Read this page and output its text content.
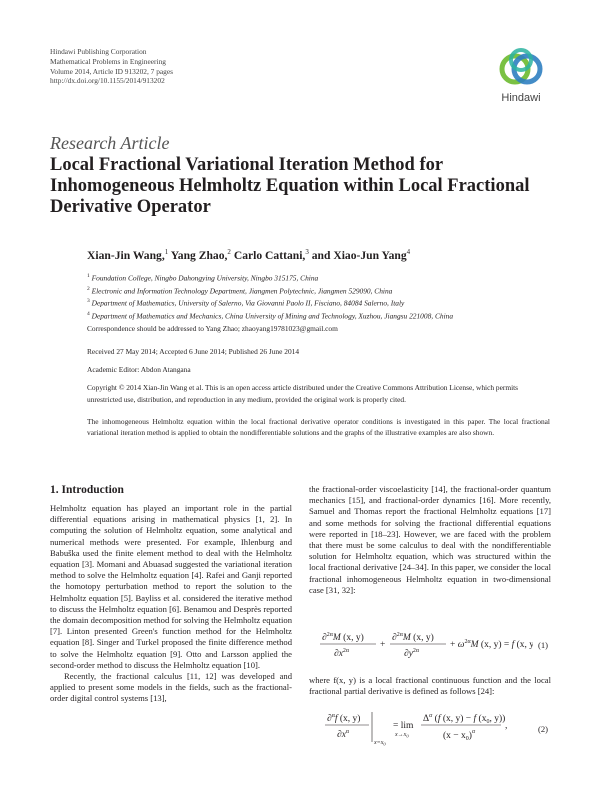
Hindawi Publishing Corporation
Mathematical Problems in Engineering
Volume 2014, Article ID 913202, 7 pages
http://dx.doi.org/10.1155/2014/913202
Hindawi
Research Article
Local Fractional Variational Iteration Method for Inhomogeneous Helmholtz Equation within Local Fractional Derivative Operator
Xian-Jin Wang,$^1$ Yang Zhao,$^2$ Carlo Cattani,$^3$ and Xiao-Jun Yang$^4$
$^1$ Foundation College, Ningbo Dahongying University, Ningbo 315175, China
$^2$ Electronic and Information Technology Department, Jiangmen Polytechnic, Jiangmen 529090, China
$^3$ Department of Mathematics, University of Salerno, Via Giovanni Paolo II, Fisciano, 84084 Salerno, Italy
$^4$ Department of Mathematics and Mechanics, China University of Mining and Technology, Xuzhou, Jiangsu 221008, China
Correspondence should be addressed to Yang Zhao; zhaoyang19781023@gmail.com
Received 27 May 2014; Accepted 6 June 2014; Published 26 June 2014
Academic Editor: Abdon Atangana
Copyright © 2014 Xian-Jin Wang et al. This is an open access article distributed under the Creative Commons Attribution License, which permits unrestricted use, distribution, and reproduction in any medium, provided the original work is properly cited.
The inhomogeneous Helmholtz equation within the local fractional derivative operator conditions is investigated in this paper. The local fractional variational iteration method is applied to obtain the nondifferentiable solutions and the graphs of the illustrative examples are also shown.
1. Introduction

Helmholtz equation has played an important role in the partial differential equations arising in mathematical physics [1, 2]. In computing the solution of Helmholtz equation, some analytical and numerical methods were presented. For example, Ihlenburg and Babuška used the finite element method to deal with the Helmholtz equation [3]. Momani and Abuasad suggested the variational iteration method to solve the Helmholtz equation [4]. Rafei and Ganji reported the homotopy perturbation method to report the solution to the Helmholtz equation [5]. Bayliss et al. considered the iterative method to discuss the Helmholtz equation [6]. Benamou and Desprès reported the domain decomposition method for solving the Helmholtz equation [7]. Linton presented Green's function method for the Helmholtz equation [8]. Singer and Turkel proposed the finite difference method to solve the Helmholtz equation [9]. Otto and Larsson applied the second-order method to discuss the Helmholtz equation [10].

Recently, the fractional calculus [11, 12] was developed and applied to present some models in the fields, such as the fractional-order digital control systems [13],

the fractional-order viscoelasticity [14], the fractional-order quantum mechanics [15], and fractional-order dynamics [16]. More recently, Samuel and Thomas report the fractional Helmholtz equations [17] and some methods for solving the fractional differential equations were reported in [18–23]. However, we are faced with the problem that there must be some calculus to deal with the nondifferentiable solution for Helmholtz equation, which was structured within the local fractional derivative [24–34]. In this paper, we consider the local fractional inhomogeneous Helmholtz equation in two-dimensional case [31, 32]:

∂$^{2\alpha}$M (x, y)
$\partial x^{2\alpha}$
+
∂$^{2\alpha}$M (x, y)
$\partial y^{2\alpha}$
+ $\omega^{2\alpha}M$ (x, y) = f (x, y (1)

where f(x, y) is a local fractional continuous function and the local fractional partial derivative is defined as follows [24]:

∂$^\alpha$f (x, y)
$\partial x^\alpha$
$x=x_0$
= lim
$x\to x_0$
$\Delta^\alpha$ (f (x, y) − f ($x_0$, y))
$(x - x_0)^\alpha$
,	(2)
